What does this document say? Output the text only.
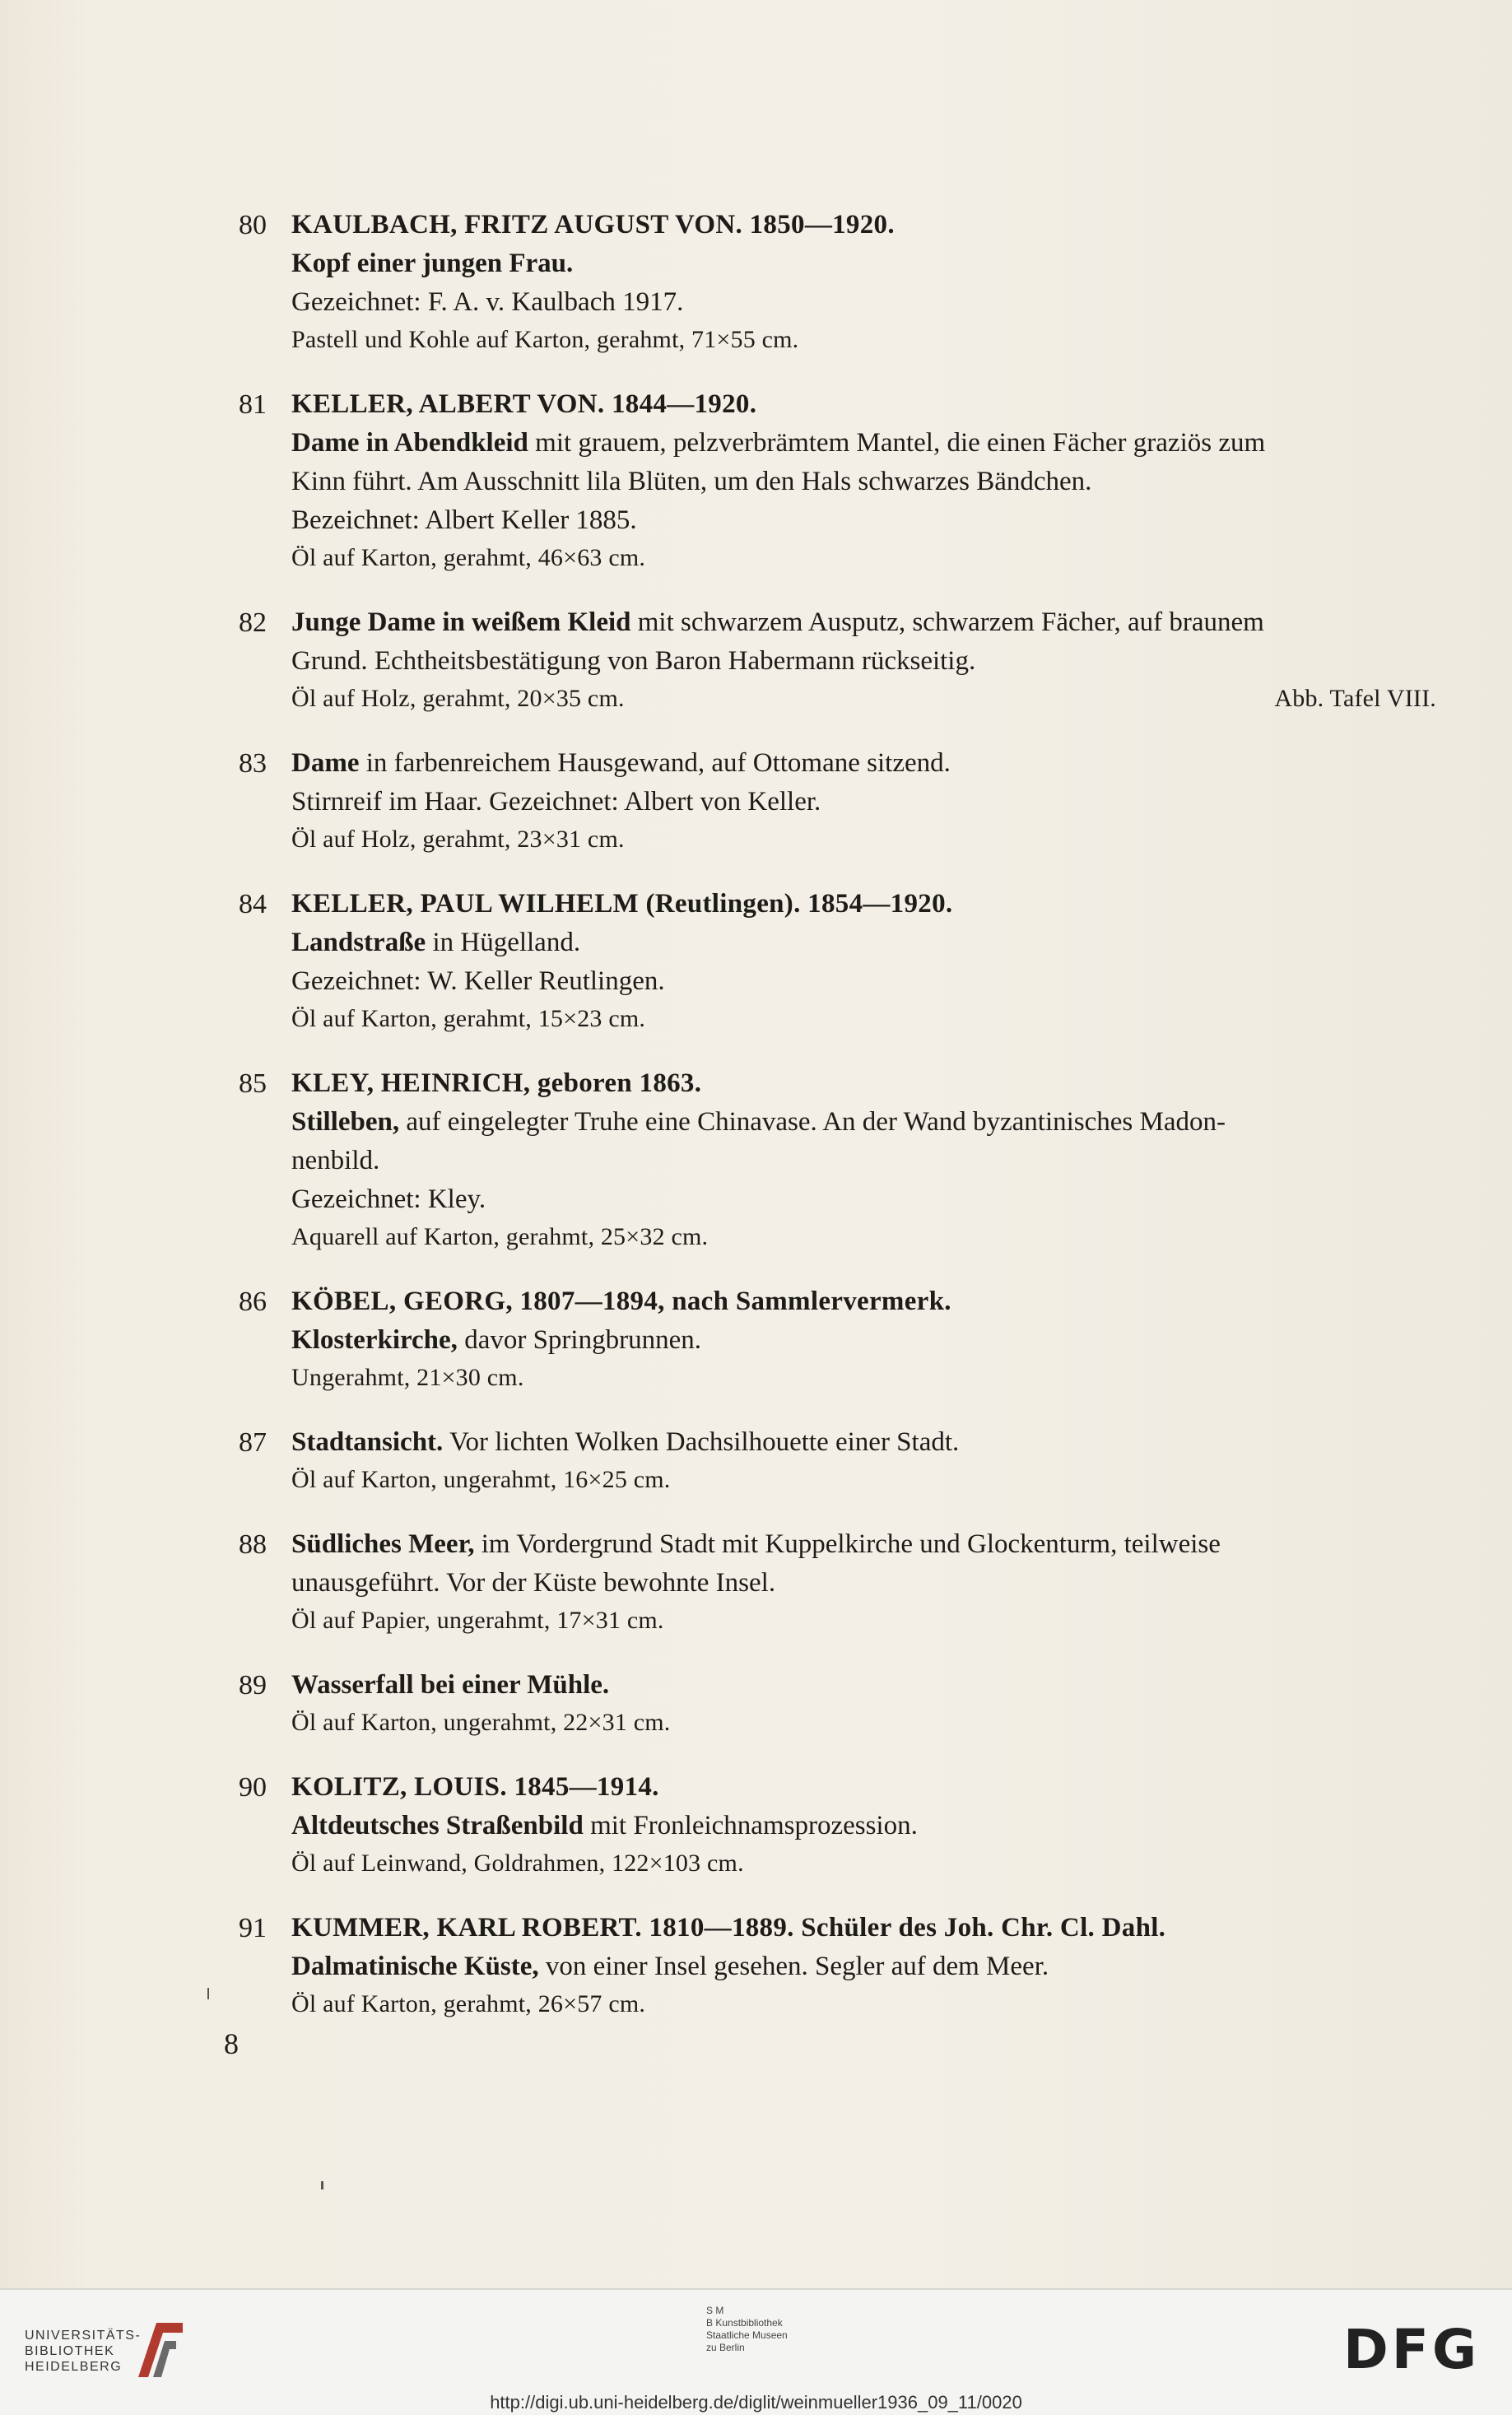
80 KAULBACH, FRITZ AUGUST VON. 1850—1920.
Kopf einer jungen Frau.
Gezeichnet: F. A. v. Kaulbach 1917.
Pastell und Kohle auf Karton, gerahmt, 71×55 cm.
81 KELLER, ALBERT VON. 1844—1920.
Dame in Abendkleid mit grauem, pelzverbrämtem Mantel, die einen Fächer graziös zum
Kinn führt. Am Ausschnitt lila Blüten, um den Hals schwarzes Bändchen.
Bezeichnet: Albert Keller 1885.
Öl auf Karton, gerahmt, 46×63 cm.
82 Junge Dame in weißem Kleid mit schwarzem Ausputz, schwarzem Fächer, auf braunem
Grund. Echtheitsbestätigung von Baron Habermann rückseitig.
Abb. Tafel VIII.
Öl auf Holz, gerahmt, 20×35 cm.
83 Dame in farbenreichem Hausgewand, auf Ottomane sitzend.
Stirnreif im Haar. Gezeichnet: Albert von Keller.
Öl auf Holz, gerahmt, 23×31 cm.
84 KELLER, PAUL WILHELM (Reutlingen). 1854—1920.
Landstraße in Hügelland.
Gezeichnet: W. Keller Reutlingen.
Öl auf Karton, gerahmt, 15×23 cm.
85 KLEY, HEINRICH, geboren 1863.
Stilleben, auf eingelegter Truhe eine Chinavase. An der Wand byzantinisches Madon-
nenbild.
Gezeichnet: Kley.
Aquarell auf Karton, gerahmt, 25×32 cm.
86 KÖBEL, GEORG, 1807—1894, nach Sammlervermerk.
Klosterkirche, davor Springbrunnen.
Ungerahmt, 21×30 cm.
87 Stadtansicht. Vor lichten Wolken Dachsilhouette einer Stadt.
Öl auf Karton, ungerahmt, 16×25 cm.
88 Südliches Meer, im Vordergrund Stadt mit Kuppelkirche und Glockenturm, teilweise
unausgeführt. Vor der Küste bewohnte Insel.
Öl auf Papier, ungerahmt, 17×31 cm.
89 Wasserfall bei einer Mühle.
Öl auf Karton, ungerahmt, 22×31 cm.
90 KOLITZ, LOUIS. 1845—1914.
Altdeutsches Straßenbild mit Fronleichnamsprozession.
Öl auf Leinwand, Goldrahmen, 122×103 cm.
91 KUMMER, KARL ROBERT. 1810—1889. Schüler des Joh. Chr. Cl. Dahl.
Dalmatinische Küste, von einer Insel gesehen. Segler auf dem Meer.
Öl auf Karton, gerahmt, 26×57 cm.
8
UNIVERSITÄTS-
BIBLIOTHEK
HEIDELBERG
S M
B Kunstbibliothek
Staatliche Museen
zu Berlin	DFG
http://digi.ub.uni-heidelberg.de/diglit/weinmueller1936_09_11/0020
